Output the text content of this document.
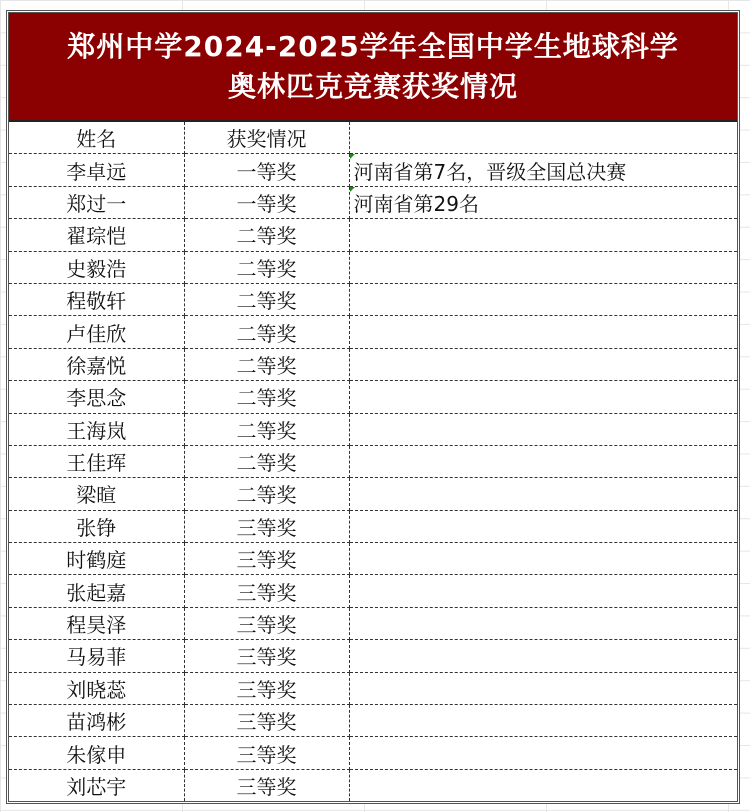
郑州中学2024-2025学年全国中学生地球科学
奥林匹克竞赛获奖情况
姓名	获奖情况	
李卓远	一等奖	河南省第7名，晋级全国总决赛
郑过一	一等奖	河南省第29名
翟琮恺	二等奖	
史毅浩	二等奖	
程敬轩	二等奖	
卢佳欣	二等奖	
徐嘉悦	二等奖	
李思念	二等奖	
王海岚	二等奖	
王佳珲	二等奖	
梁暄	二等奖	
张铮	三等奖	
时鹤庭	三等奖	
张起嘉	三等奖	
程昊泽	三等奖	
马易菲	三等奖	
刘晓蕊	三等奖	
苗鸿彬	三等奖	
朱傢申	三等奖	
刘芯宇	三等奖	
